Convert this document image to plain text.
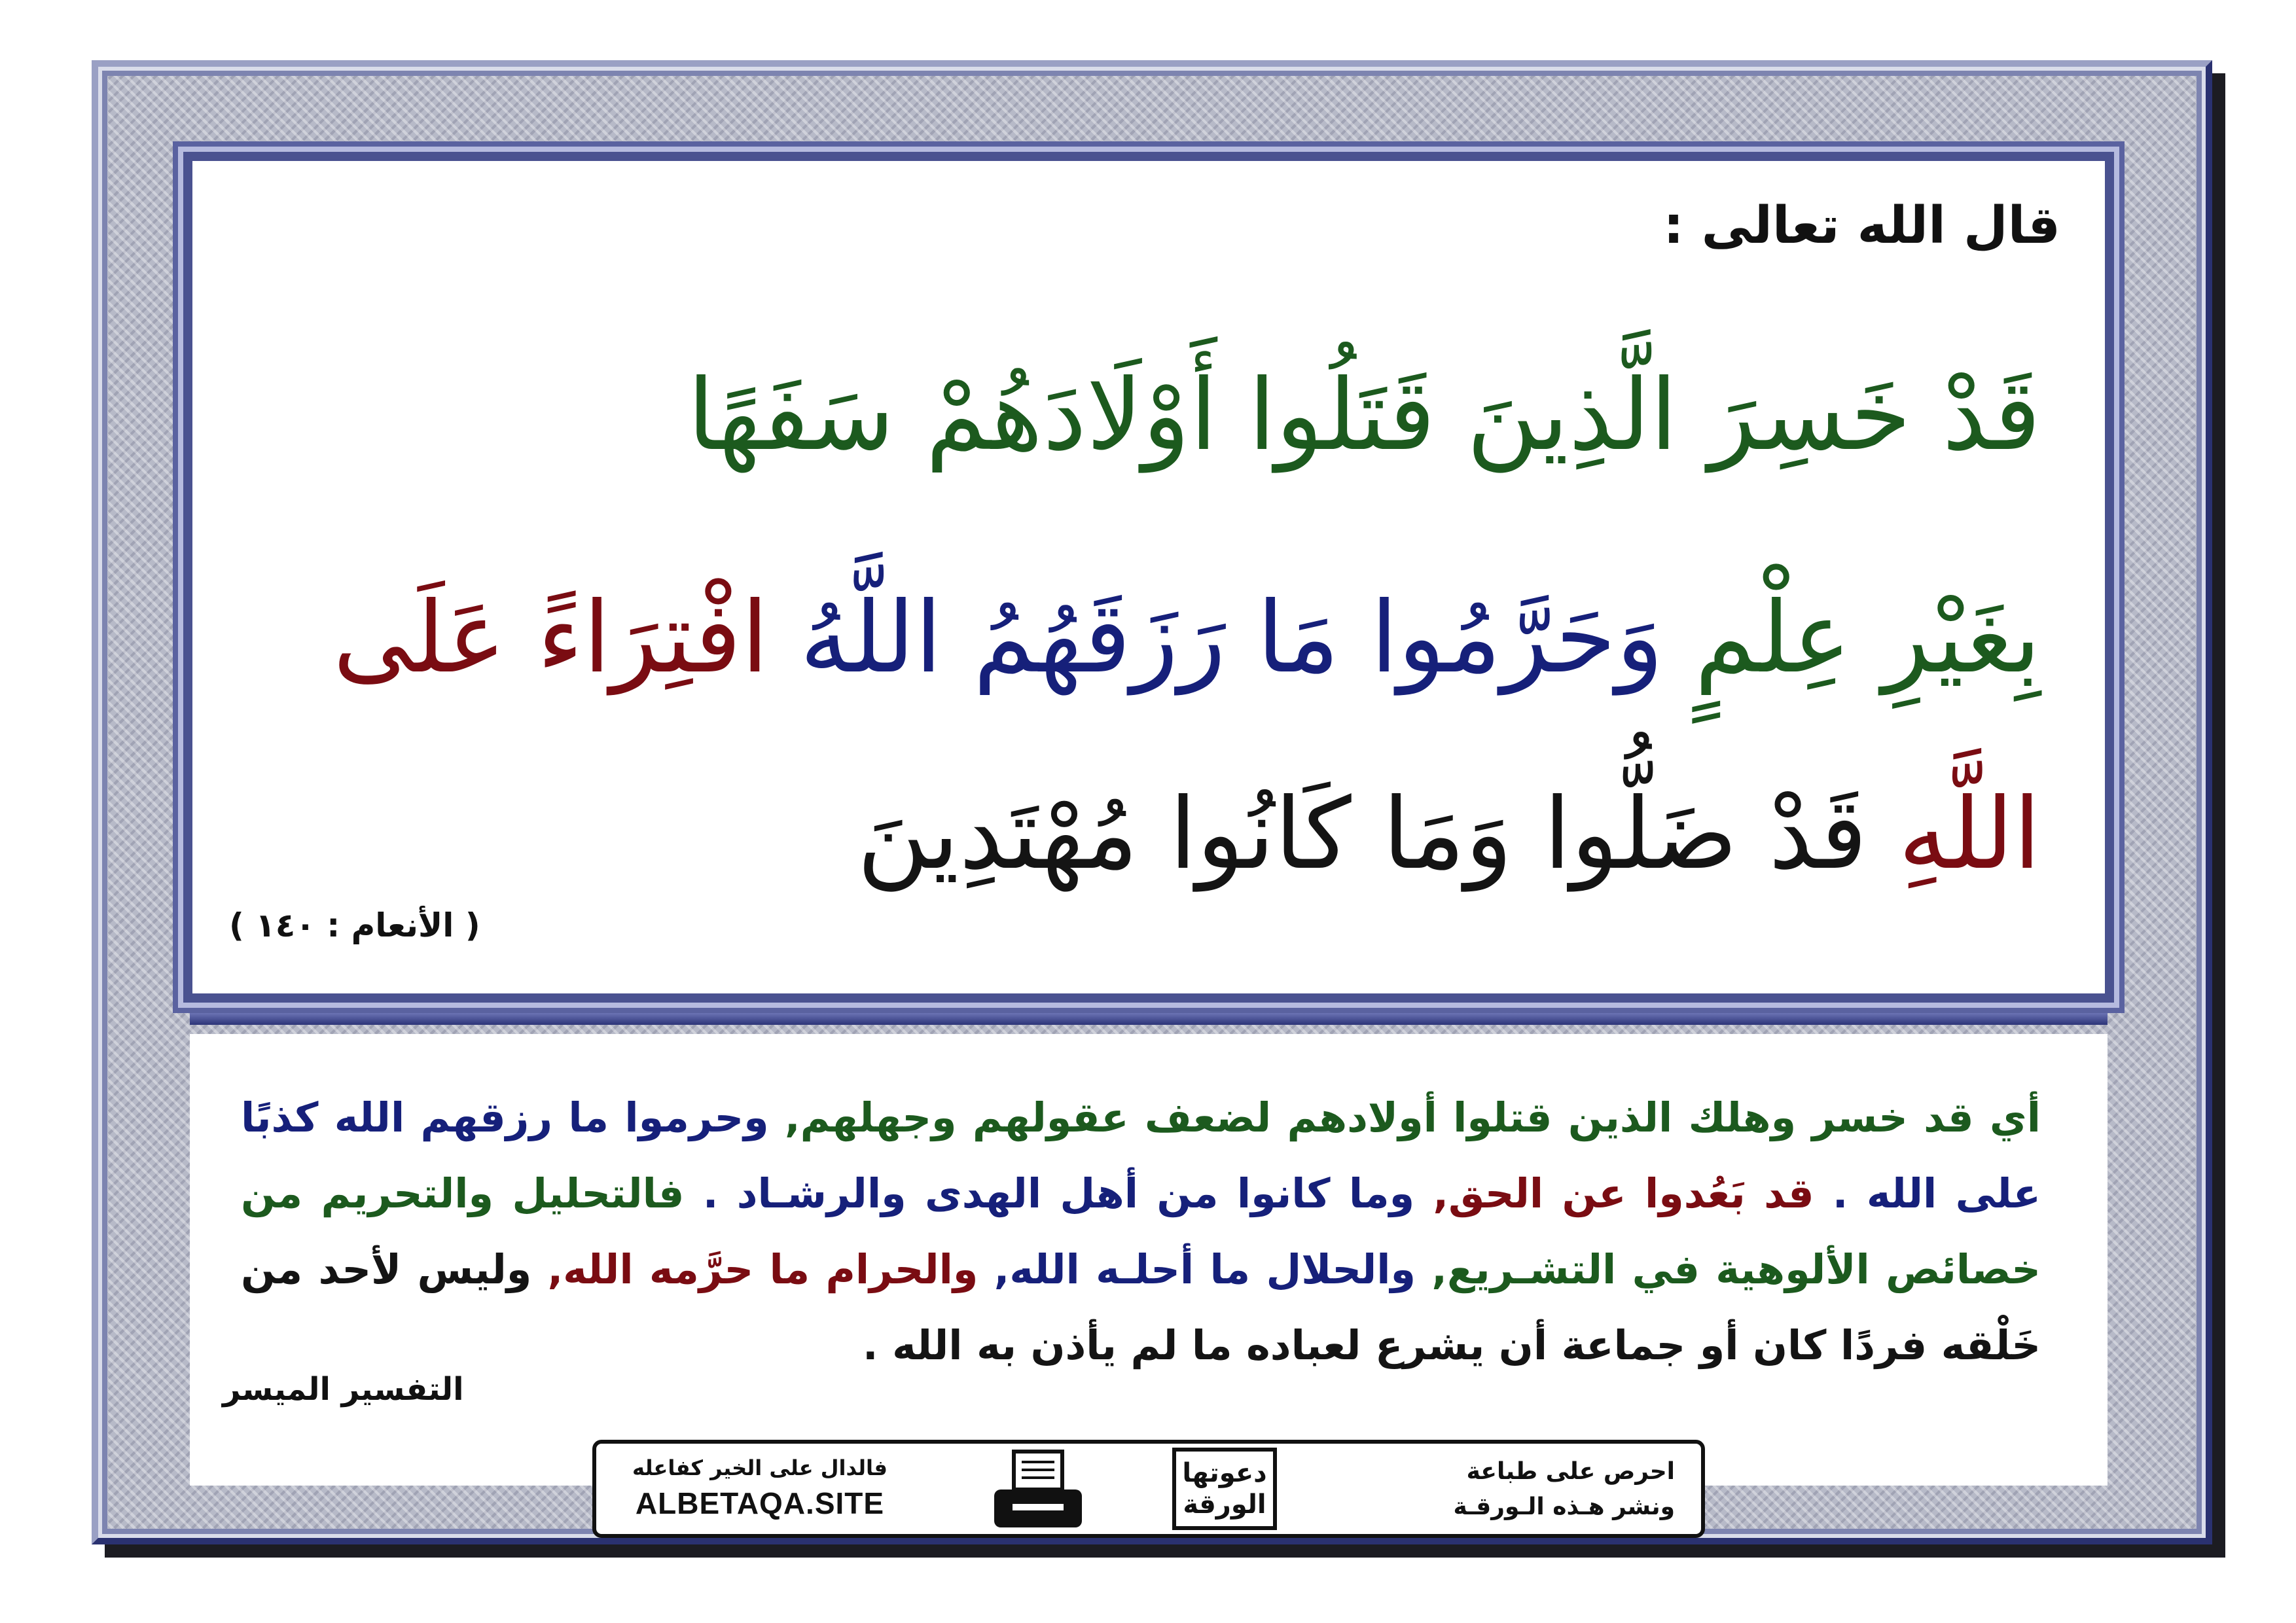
قال الله تعالى :
قَدْ خَسِرَ الَّذِينَ قَتَلُوا أَوْلَادَهُمْ سَفَهًا
بِغَيْرِ عِلْمٍ وَحَرَّمُوا مَا رَزَقَهُمُ اللَّهُ افْتِرَاءً عَلَى
اللَّهِ قَدْ ضَلُّوا وَمَا كَانُوا مُهْتَدِينَ
( الأنعام : ١٤٠ )
أي قد خسر وهلك الذين قتلوا أولادهم لضعف عقولهم وجهلهم, وحرموا ما رزقهم الله كذبًا على الله . قد بَعُدوا عن الحق, وما كانوا من أهل الهدى والرشـاد . فالتحليل والتحريم من خصائص الألوهية في التشـريع, والحلال ما أحلـه الله, والحرام ما حرَّمه الله, وليس لأحد من خَلْقه فردًا كان أو جماعة أن يشرع لعباده ما لم يأذن به الله .
التفسير الميسر
احرص على طباعة
ونشر هـذه الـورقـة
دعوتها
الورقة
فالدال على الخير كفاعله
ALBETAQA.SITE
